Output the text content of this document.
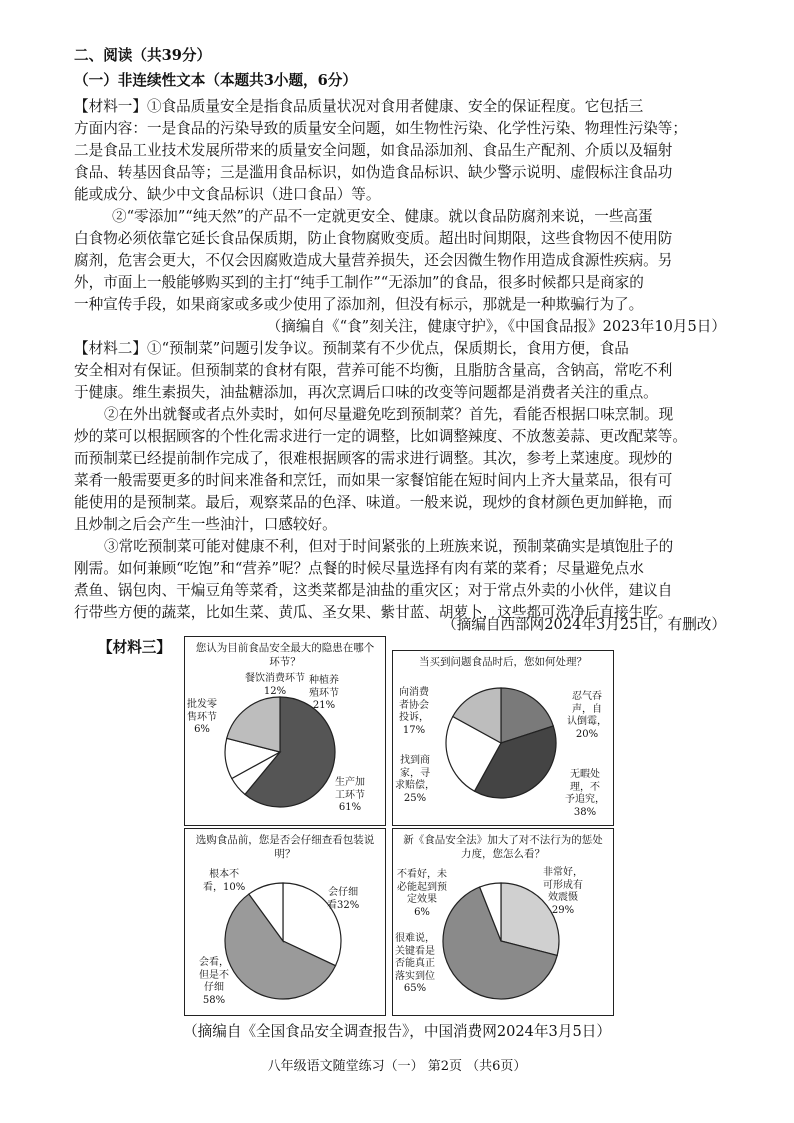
二、阅读（共39分）
（一）非连续性文本（本题共3小题，6分）
【材料一】①食品质量安全是指食品质量状况对食用者健康、安全的保证程度。它包括三
方面内容：一是食品的污染导致的质量安全问题，如生物性污染、化学性污染、物理性污染等；
二是食品工业技术发展所带来的质量安全问题，如食品添加剂、食品生产配剂、介质以及辐射
食品、转基因食品等；三是滥用食品标识，如伪造食品标识、缺少警示说明、虚假标注食品功
能或成分、缺少中文食品标识（进口食品）等。
②“零添加”“纯天然”的产品不一定就更安全、健康。就以食品防腐剂来说，一些高蛋
白食物必须依靠它延长食品保质期，防止食物腐败变质。超出时间期限，这些食物因不使用防
腐剂，危害会更大，不仅会因腐败造成大量营养损失，还会因微生物作用造成食源性疾病。另
外，市面上一般能够购买到的主打“纯手工制作”“无添加”的食品，很多时候都只是商家的
一种宣传手段，如果商家或多或少使用了添加剂，但没有标示，那就是一种欺骗行为了。
（摘编自《“食”刻关注，健康守护》，《中国食品报》2023年10月5日）
【材料二】①“预制菜”问题引发争议。预制菜有不少优点，保质期长，食用方便，食品
安全相对有保证。但预制菜的食材有限，营养可能不均衡，且脂肪含量高，含钠高，常吃不利
于健康。维生素损失，油盐糖添加，再次烹调后口味的改变等问题都是消费者关注的重点。
②在外出就餐或者点外卖时，如何尽量避免吃到预制菜？首先，看能否根据口味烹制。现
炒的菜可以根据顾客的个性化需求进行一定的调整，比如调整辣度、不放葱姜蒜、更改配菜等。
而预制菜已经提前制作完成了，很难根据顾客的需求进行调整。其次，参考上菜速度。现炒的
菜肴一般需要更多的时间来准备和烹饪，而如果一家餐馆能在短时间内上齐大量菜品，很有可
能使用的是预制菜。最后，观察菜品的色泽、味道。一般来说，现炒的食材颜色更加鲜艳，而
且炒制之后会产生一些油汁，口感较好。
③常吃预制菜可能对健康不利，但对于时间紧张的上班族来说，预制菜确实是填饱肚子的
刚需。如何兼顾“吃饱”和“营养”呢？点餐的时候尽量选择有肉有菜的菜肴；尽量避免点水
煮鱼、锅包肉、干煸豆角等菜肴，这类菜都是油盐的重灾区；对于常点外卖的小伙伴，建议自
行带些方便的蔬菜，比如生菜、黄瓜、圣女果、紫甘蓝、胡萝卜，这些都可洗净后直接生吃。
（摘编自西部网2024年3月25日，有删改）
【材料三】 您认为目前食品安全最大的隐患在哪个环节？
种植养
殖环节
21%
餐饮消费环节
12%
批发零
售环节
6%
生产加
工环节
61%
当买到问题食品时后，您如何处理？
向消费
者协会
投诉，
17%
忍气吞
声，自
认倒霉，
20%
找到商
家，寻
求赔偿，
25%
无暇处
理，不
予追究，
38%
选购食品前，您是否会仔细查看包装说明？
根本不
看，10%	会仔细
看32%
会看，
但是不
仔细
58%
新《食品安全法》加大了对不法行为的惩处力度，您怎么看？
不看好，未
必能起到预
定效果
6%
非常好，
可形成有
效震慑
29%
很难说，
关键看是
否能真正
落实到位
65%
（摘编自《全国食品安全调查报告》，中国消费网2024年3月5日）
八年级语文随堂练习（一） 第2页 （共6页）
